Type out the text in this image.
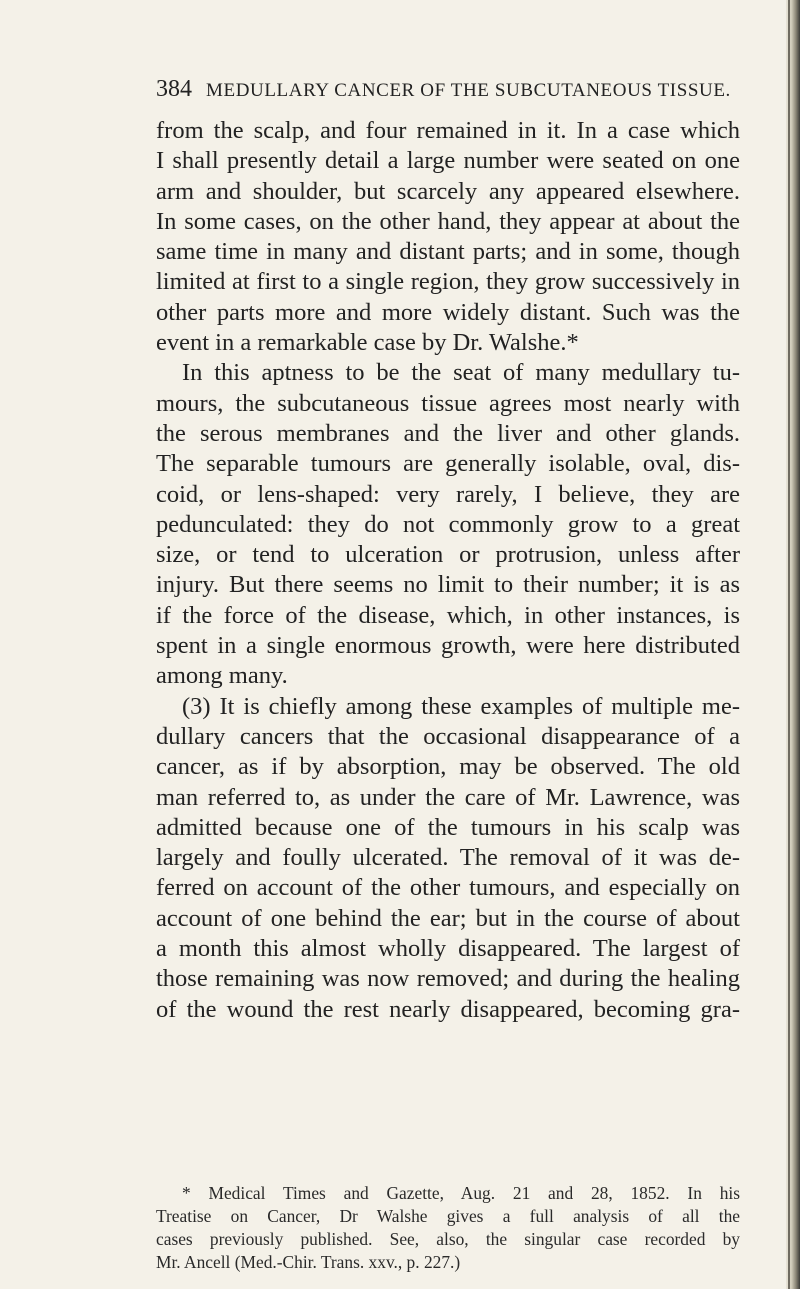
384 MEDULLARY CANCER OF THE SUBCUTANEOUS TISSUE.
from the scalp, and four remained in it. In a case which
I shall presently detail a large number were seated on one
arm and shoulder, but scarcely any appeared elsewhere.
In some cases, on the other hand, they appear at about the
same time in many and distant parts; and in some, though
limited at first to a single region, they grow successively in
other parts more and more widely distant. Such was the
event in a remarkable case by Dr. Walshe.*
In this aptness to be the seat of many medullary tu-
mours, the subcutaneous tissue agrees most nearly with
the serous membranes and the liver and other glands.
The separable tumours are generally isolable, oval, dis-
coid, or lens-shaped: very rarely, I believe, they are
pedunculated: they do not commonly grow to a great
size, or tend to ulceration or protrusion, unless after
injury. But there seems no limit to their number; it is as
if the force of the disease, which, in other instances, is
spent in a single enormous growth, were here distributed
among many.
(3) It is chiefly among these examples of multiple me-
dullary cancers that the occasional disappearance of a
cancer, as if by absorption, may be observed. The old
man referred to, as under the care of Mr. Lawrence, was
admitted because one of the tumours in his scalp was
largely and foully ulcerated. The removal of it was de-
ferred on account of the other tumours, and especially on
account of one behind the ear; but in the course of about
a month this almost wholly disappeared. The largest of
those remaining was now removed; and during the healing
of the wound the rest nearly disappeared, becoming gra-
* Medical Times and Gazette, Aug. 21 and 28, 1852. In his
Treatise on Cancer, Dr Walshe gives a full analysis of all the
cases previously published. See, also, the singular case recorded by
Mr. Ancell (Med.-Chir. Trans. xxv., p. 227.)
